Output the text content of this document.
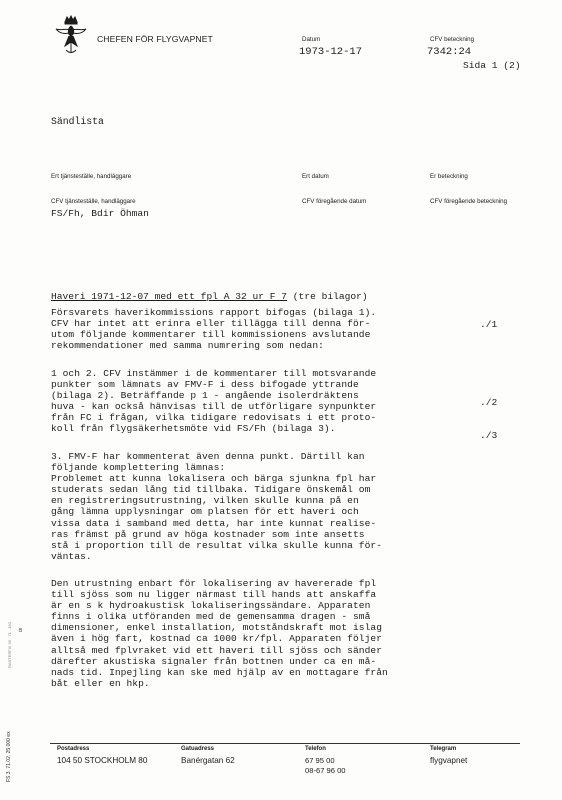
CHEFEN FÖR FLYGVAPNET	Datum
1973-12-17
CFV beteckning
7342:24
Sida 1 (2)
Sändlista
Ert tjänsteställe, handläggare	Ert datum	Er beteckning
CFV tjänsteställe, handläggare	CFV föregående datum	CFV föregående beteckning
FS/Fh, Bdir Öhman
Haveri 1971-12-07 med ett fpl A 32 ur F 7 (tre bilagor)
Försvarets haverikommissions rapport bifogas (bilaga 1).
CFV har intet att erinra eller tillägga till denna för-
utom följande kommentarer till kommissionens avslutande
rekommendationer med samma numrering som nedan:
1 och 2. CFV instämmer i de kommentarer till motsvarande
punkter som lämnats av FMV-F i dess bifogade yttrande
(bilaga 2). Beträffande p 1 - angående isolerdräktens
huva - kan också hänvisas till de utförligare synpunkter
från FC i frågan, vilka tidigare redovisats i ett proto-
koll från flygsäkerhetsmöte vid FS/Fh (bilaga 3).
3. FMV-F har kommenterat även denna punkt. Därtill kan
följande komplettering lämnas:
Problemet att kunna lokalisera och bärga sjunkna fpl har
studerats sedan lång tid tillbaka. Tidigare önskemål om
en registreringsutrustning, vilken skulle kunna på en
gång lämna upplysningar om platsen för ett haveri och
vissa data i samband med detta, har inte kunnat realise-
ras främst på grund av höga kostnader som inte ansetts
stå i proportion till de resultat vilka skulle kunna för-
väntas.
Den utrustning enbart för lokalisering av havererade fpl
till sjöss som nu ligger närmast till hands att anskaffa
är en s k hydroakustisk lokaliseringssändare. Apparaten
finns i olika utföranden med de gemensamma dragen - små
dimensioner, enkel installation, motståndskraft mot islag
även i hög fart, kostnad ca 1000 kr/fpl. Apparaten följer
alltså med fplvraket vid ett haveri till sjöss och sänder
därefter akustiska signaler från bottnen under ca en må-
nads tid. Inpejling kan ske med hjälp av en mottagare från
båt eller en hkp.
./1
./2
./3
FS 3. 71.02. 25 000 ex
RASTERFIX 66 . 71 . 150 B
Postadress
104 50 STOCKHOLM 80
Gatuadress
Banérgatan 62
Telefon
67 95 00
08-67 96 00
Telegram
flygvapnet
